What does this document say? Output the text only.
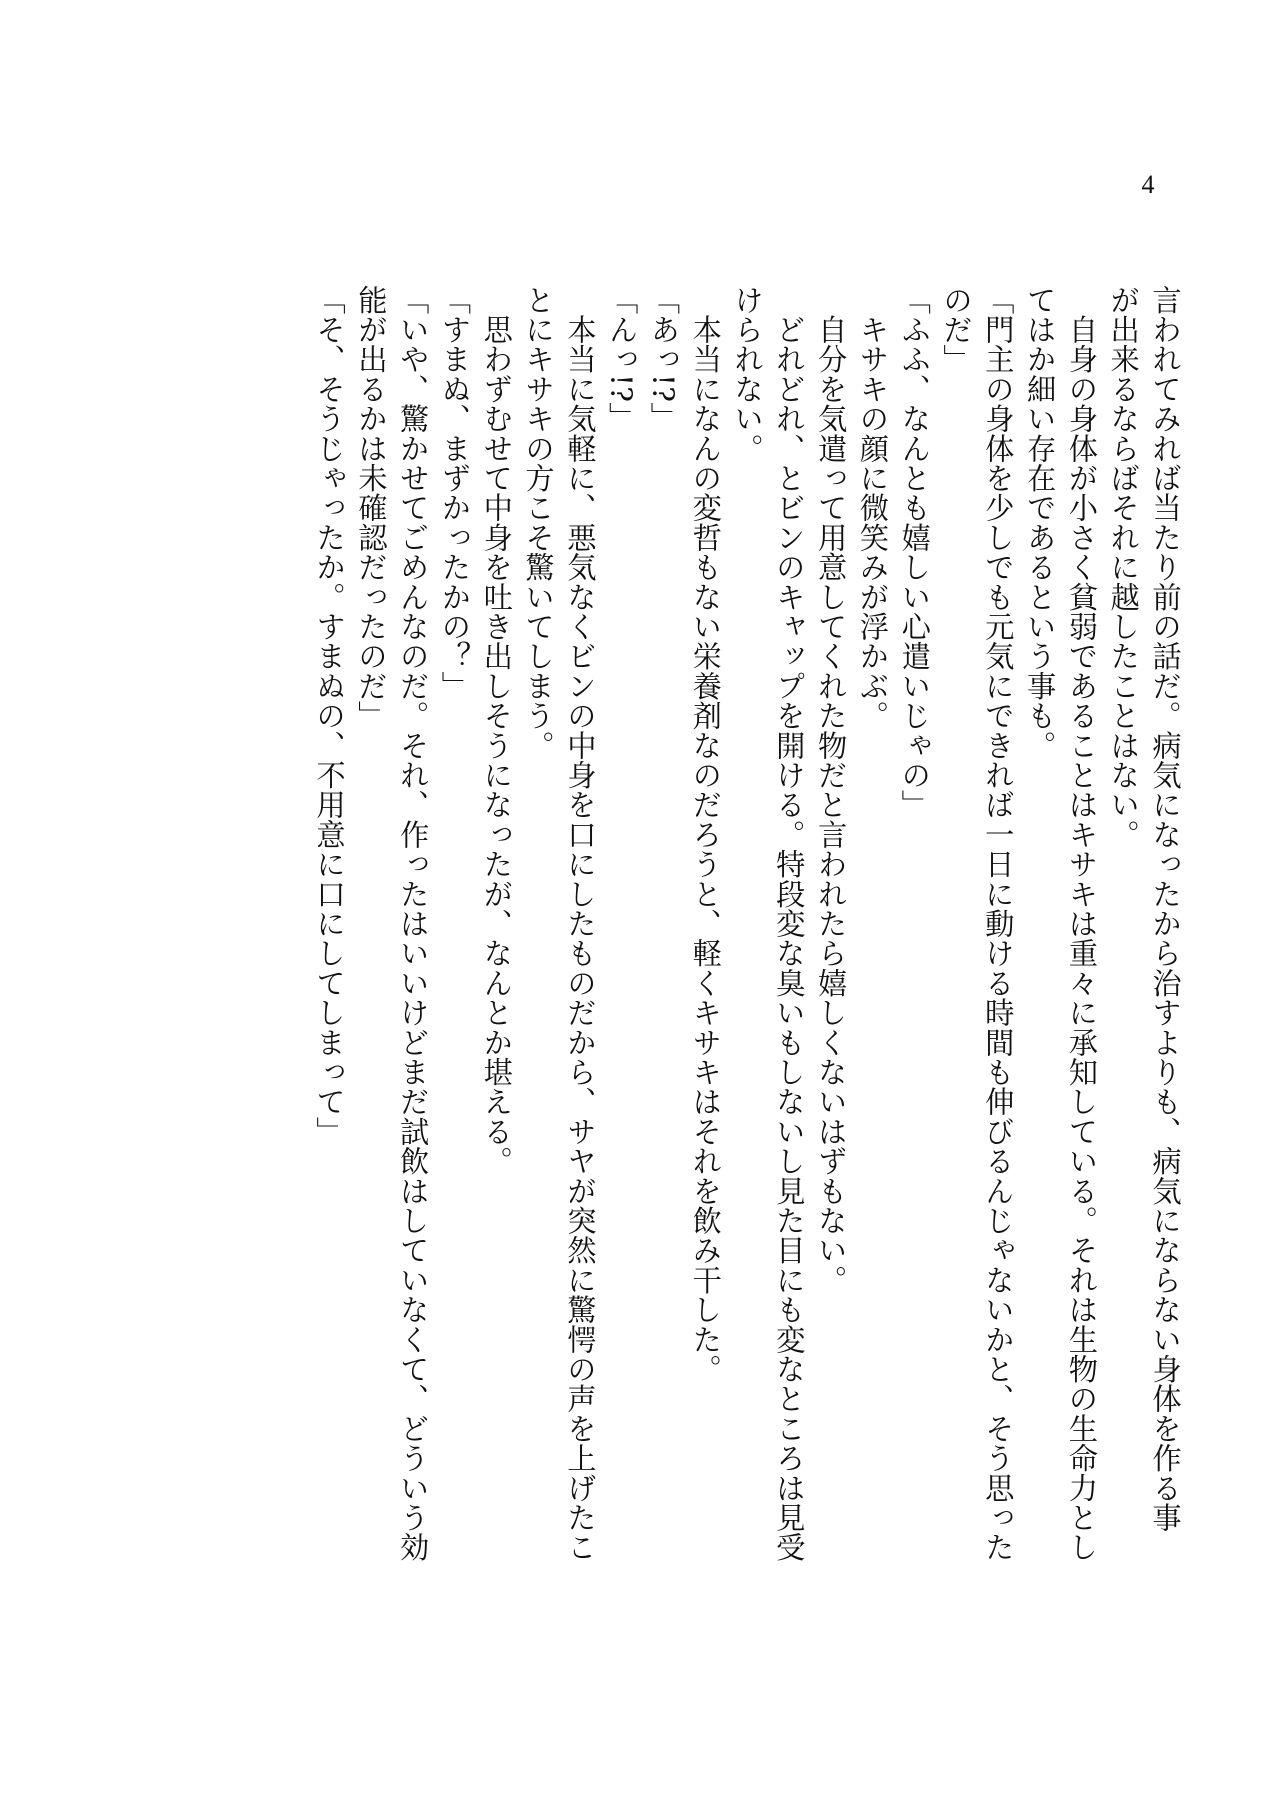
4

言われてみれば当たり前の話だ。病気になったから治すよりも、病気にならない身体を作る事

が出来るならばそれに越したことはない。

　自身の身体が小さく貧弱であることはキサキは重々に承知している。それは生物の生命力とし

てはか細い存在であるという事も。

「門主の身体を少しでも元気にできれば一日に動ける時間も伸びるんじゃないかと、そう思った

のだ」

「ふふ、なんとも嬉しい心遣いじゃの」

　キサキの顔に微笑みが浮かぶ。

　自分を気遣って用意してくれた物だと言われたら嬉しくないはずもない。

　どれどれ、とビンのキャップを開ける。特段変な臭いもしないし見た目にも変なところは見受

けられない。

　本当になんの変哲もない栄養剤なのだろうと、軽くキサキはそれを飲み干した。

「あっ!?」

「んっ!?」

　本当に気軽に、悪気なくビンの中身を口にしたものだから、サヤが突然に驚愕の声を上げたこ

とにキサキの方こそ驚いてしまう。

　思わずむせて中身を吐き出しそうになったが、なんとか堪える。

「すまぬ、まずかったかの？」

「いや、驚かせてごめんなのだ。それ、作ったはいいけどまだ試飲はしていなくて、どういう効

能が出るかは未確認だったのだ」

「そ、そうじゃったか。すまぬの、不用意に口にしてしまって」
